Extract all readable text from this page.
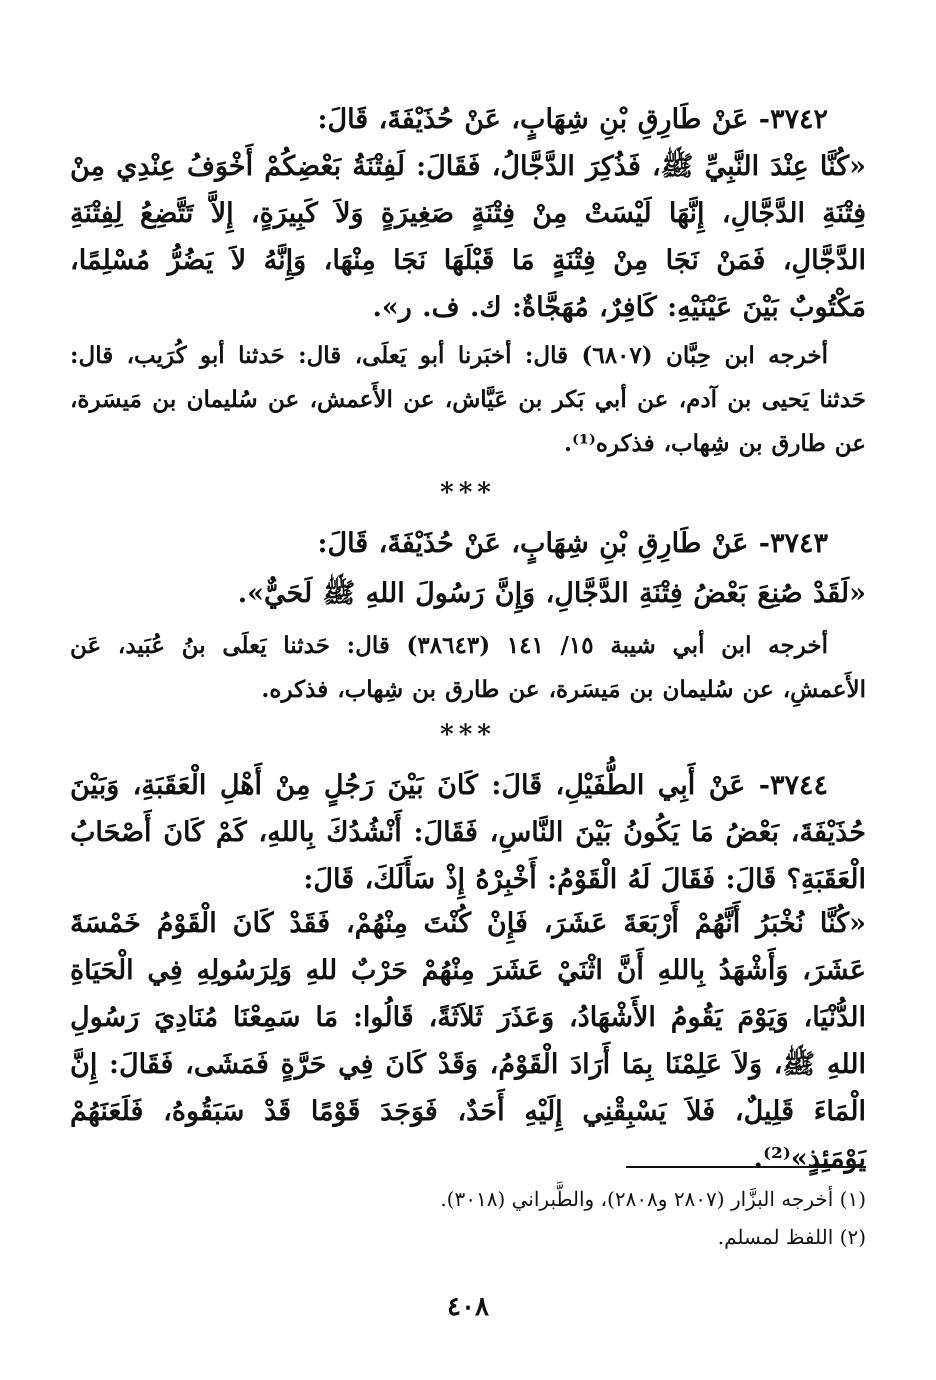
٣٧٤٢- عَنْ طَارِقِ بْنِ شِهَابٍ، عَنْ حُذَيْفَةَ، قَالَ:

«كُنَّا عِنْدَ النَّبِيِّ ﷺ، فَذُكِرَ الدَّجَّالُ، فَقَالَ: لَفِتْنَةُ بَعْضِكُمْ أَخْوَفُ عِنْدِي مِنْ فِتْنَةِ الدَّجَّالِ، إِنَّهَا لَيْسَتْ مِنْ فِتْنَةٍ صَغِيرَةٍ وَلاَ كَبِيرَةٍ، إِلاَّ تَتَّضِعُ لِفِتْنَةِ الدَّجَّالِ، فَمَنْ نَجَا مِنْ فِتْنَةٍ مَا قَبْلَهَا نَجَا مِنْهَا، وَإِنَّهُ لاَ يَضُرُّ مُسْلِمًا، مَكْتُوبٌ بَيْنَ عَيْنَيْهِ: كَافِرٌ، مُهَجَّاةٌ: ك. ف. ر».

أخرجه ابن حِبَّان (٦٨٠٧) قال: أخبَرنا أبو يَعلَى، قال: حَدثنا أبو كُرَيب، قال: حَدثنا يَحيى بن آدم، عن أبي بَكر بن عَيَّاش، عن الأَعمش، عن سُليمان بن مَيسَرة، عن طارق بن شِهاب، فذكره⁽¹⁾.

***

٣٧٤٣- عَنْ طَارِقِ بْنِ شِهَابٍ، عَنْ حُذَيْفَةَ، قَالَ:

«لَقَدْ صُنِعَ بَعْضُ فِتْنَةِ الدَّجَّالِ، وَإِنَّ رَسُولَ اللهِ ﷺ لَحَيٌّ».

أخرجه ابن أبي شيبة ١٥/ ١٤١ (٣٨٦٤٣) قال: حَدثنا يَعلَى بنُ عُبَيد، عَن الأَعمشِ، عن سُليمان بن مَيسَرة، عن طارق بن شِهاب، فذكره.

***

٣٧٤٤- عَنْ أَبِي الطُّفَيْلِ، قَالَ: كَانَ بَيْنَ رَجُلٍ مِنْ أَهْلِ الْعَقَبَةِ، وَبَيْنَ حُذَيْفَةَ، بَعْضُ مَا يَكُونُ بَيْنَ النَّاسِ، فَقَالَ: أَنْشُدُكَ بِاللهِ، كَمْ كَانَ أَصْحَابُ الْعَقَبَةِ؟ قَالَ: فَقَالَ لَهُ الْقَوْمُ: أَخْبِرْهُ إِذْ سَأَلَكَ، قَالَ:

«كُنَّا نُخْبَرُ أَنَّهُمْ أَرْبَعَةَ عَشَرَ، فَإِنْ كُنْتَ مِنْهُمْ، فَقَدْ كَانَ الْقَوْمُ خَمْسَةَ عَشَرَ، وَأَشْهَدُ بِاللهِ أَنَّ اثْنَيْ عَشَرَ مِنْهُمْ حَرْبٌ للهِ وَلِرَسُولِهِ فِي الْحَيَاةِ الدُّنْيَا، وَيَوْمَ يَقُومُ الأَشْهَادُ، وَعَذَرَ ثَلاَثَةً، قَالُوا: مَا سَمِعْنَا مُنَادِيَ رَسُولِ اللهِ ﷺ، وَلاَ عَلِمْنَا بِمَا أَرَادَ الْقَوْمُ، وَقَدْ كَانَ فِي حَرَّةٍ فَمَشَى، فَقَالَ: إِنَّ الْمَاءَ قَلِيلٌ، فَلاَ يَسْبِقْنِي إِلَيْهِ أَحَدٌ، فَوَجَدَ قَوْمًا قَدْ سَبَقُوهُ، فَلَعَنَهُمْ يَوْمَئِذٍ»⁽²⁾.

(١) أخرجه البزَّار (٢٨٠٧ و٢٨٠٨)، والطَّبراني (٣٠١٨).
(٢) اللفظ لمسلم.
٤٠٨
